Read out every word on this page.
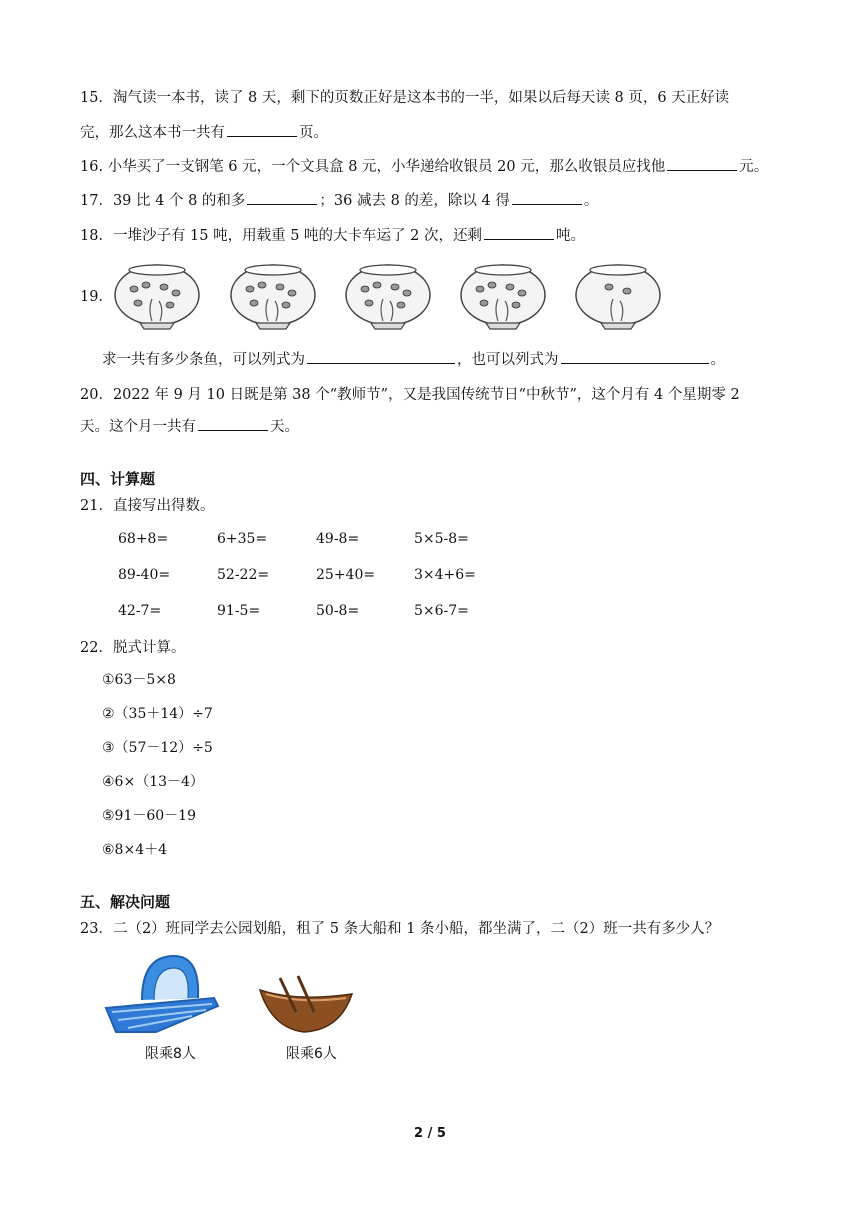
15．淘气读一本书，读了 8 天，剩下的页数正好是这本书的一半，如果以后每天读 8 页，6 天正好读
完，那么这本书一共有	页。
16. 小华买了一支钢笔 6 元，一个文具盒 8 元，小华递给收银员 20 元，那么收银员应找他	元。
17．39 比 4 个 8 的和多	；36 减去 8 的差，除以 4 得	。
18．一堆沙子有 15 吨，用载重 5 吨的大卡车运了 2 次，还剩	吨。
19．
求一共有多少条鱼，可以列式为	，也可以列式为	。
20．2022 年 9 月 10 日既是第 38 个“教师节”，又是我国传统节日“中秋节”，这个月有 4 个星期零 2
天。这个月一共有	天。
四、计算题
21．直接写出得数。
68+8=	6+35=	49-8=	5×5-8=
89-40=	52-22=	25+40=	3×4+6=
42-7=	91-5=	50-8=	5×6-7=
22．脱式计算。
①63－5×8
②（35＋14）÷7
③（57－12）÷5
④6×（13－4）
⑤91－60－19
⑥8×4＋4
五、解决问题
23．二（2）班同学去公园划船，租了 5 条大船和 1 条小船，都坐满了，二（2）班一共有多少人？
限乘8人	限乘6人
2 / 5
